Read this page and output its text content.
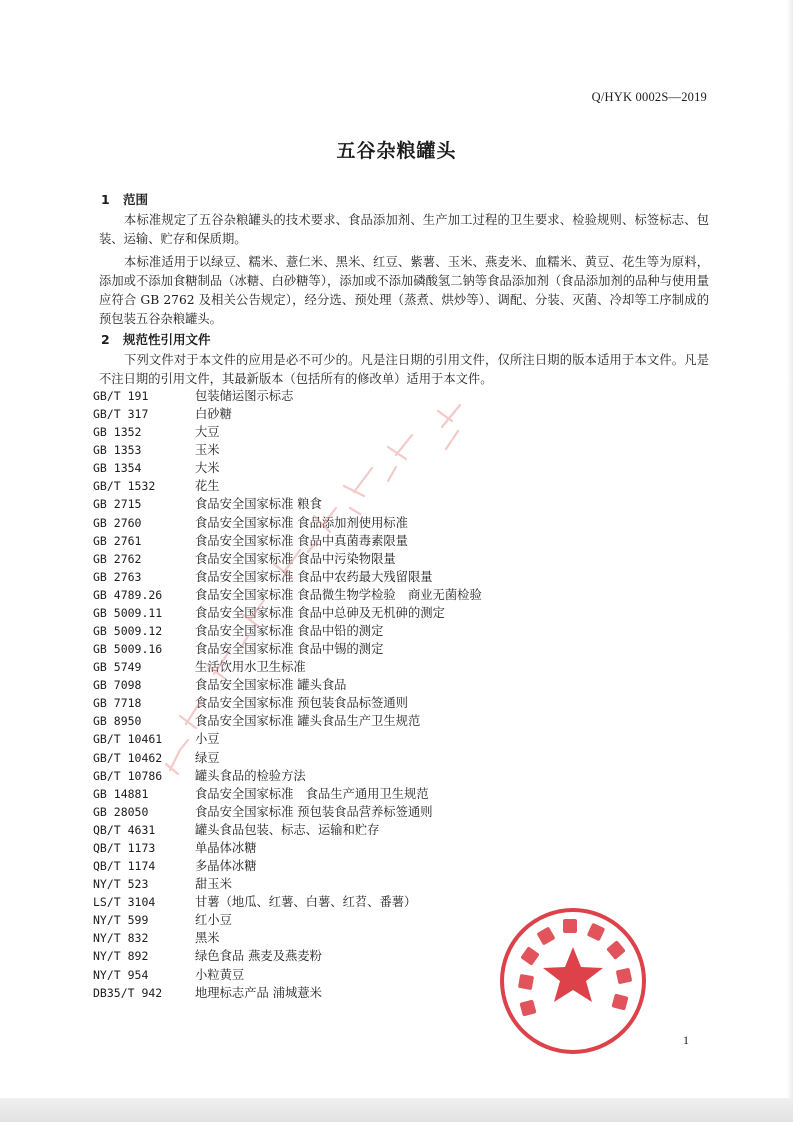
Q/HYK 0002S—2019
五谷杂粮罐头
1 范围
本标准规定了五谷杂粮罐头的技术要求、食品添加剂、生产加工过程的卫生要求、检验规则、标签标志、包装、运输、贮存和保质期。
本标准适用于以绿豆、糯米、薏仁米、黑米、红豆、紫薯、玉米、燕麦米、血糯米、黄豆、花生等为原料，添加或不添加食糖制品（冰糖、白砂糖等），添加或不添加磷酸氢二钠等食品添加剂（食品添加剂的品种与使用量应符合 GB 2762 及相关公告规定），经分选、预处理（蒸煮、烘炒等）、调配、分装、灭菌、冷却等工序制成的预包装五谷杂粮罐头。
2 规范性引用文件
下列文件对于本文件的应用是必不可少的。凡是注日期的引用文件，仅所注日期的版本适用于本文件。凡是不注日期的引用文件，其最新版本（包括所有的修改单）适用于本文件。
GB/T 191	包装储运图示标志
GB/T 317	白砂糖
GB 1352	大豆
GB 1353	玉米
GB 1354	大米
GB/T 1532	花生
GB 2715	食品安全国家标准 粮食
GB 2760	食品安全国家标准 食品添加剂使用标准
GB 2761	食品安全国家标准 食品中真菌毒素限量
GB 2762	食品安全国家标准 食品中污染物限量
GB 2763	食品安全国家标准 食品中农药最大残留限量
GB 4789.26	食品安全国家标准 食品微生物学检验　商业无菌检验
GB 5009.11	食品安全国家标准 食品中总砷及无机砷的测定
GB 5009.12	食品安全国家标准 食品中铅的测定
GB 5009.16	食品安全国家标准 食品中锡的测定
GB 5749	生活饮用水卫生标准
GB 7098	食品安全国家标准 罐头食品
GB 7718	食品安全国家标准 预包装食品标签通则
GB 8950	食品安全国家标准 罐头食品生产卫生规范
GB/T 10461	小豆
GB/T 10462	绿豆
GB/T 10786	罐头食品的检验方法
GB 14881	食品安全国家标准　食品生产通用卫生规范
GB 28050	食品安全国家标准 预包装食品营养标签通则
QB/T 4631	罐头食品包装、标志、运输和贮存
QB/T 1173	单晶体冰糖
QB/T 1174	多晶体冰糖
NY/T 523	甜玉米
LS/T 3104	甘薯（地瓜、红薯、白薯、红苕、番薯）
NY/T 599	红小豆
NY/T 832	黑米
NY/T 892	绿色食品 燕麦及燕麦粉
NY/T 954	小粒黄豆
DB35/T 942	地理标志产品 浦城薏米
1
